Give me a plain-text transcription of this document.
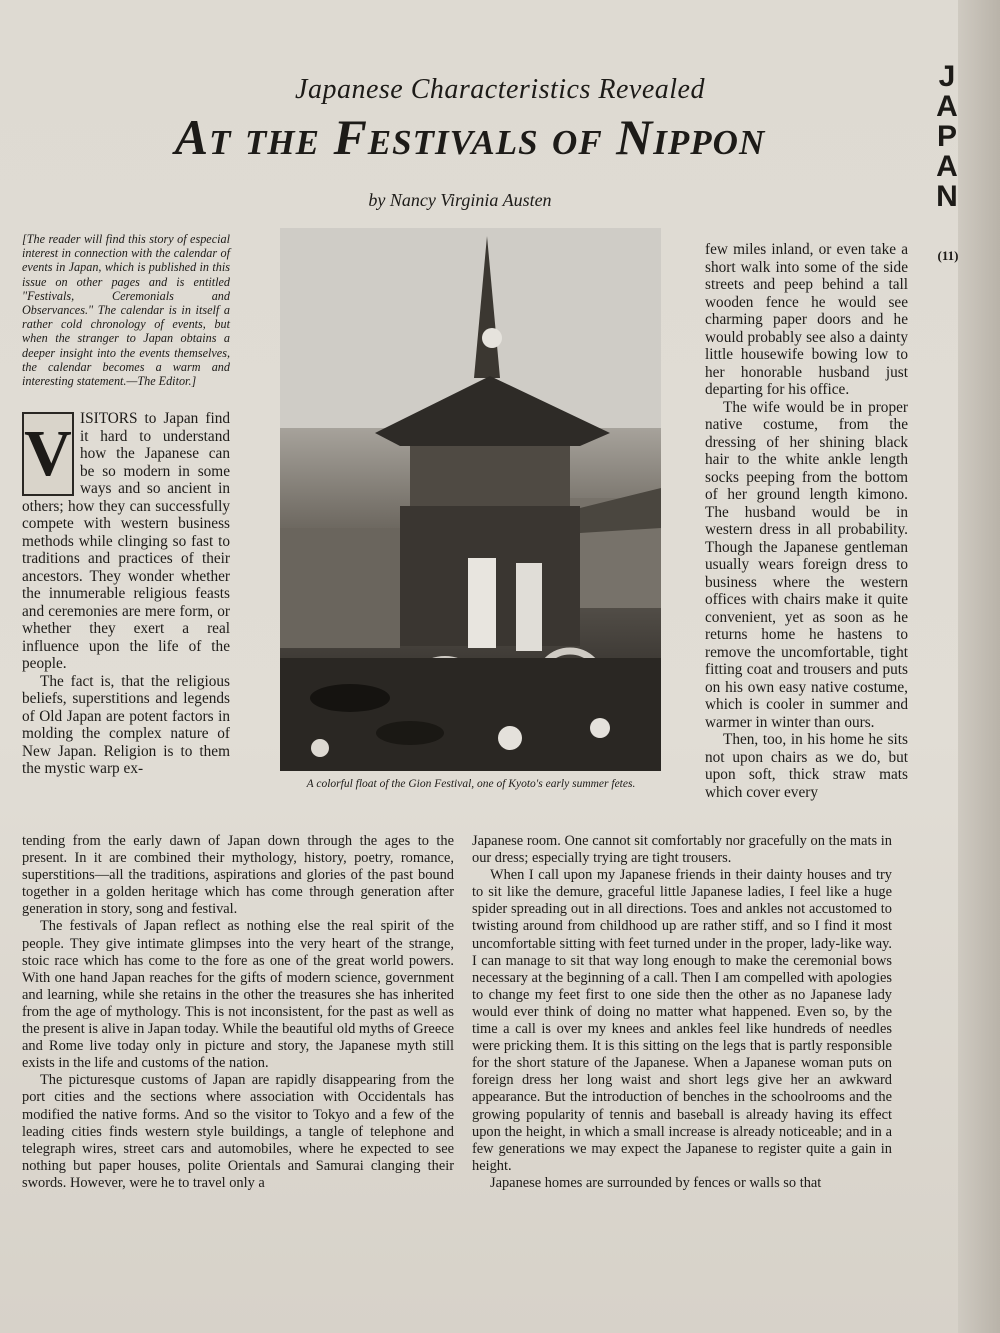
Japanese Characteristics Revealed
At the Festivals of Nippon
by Nancy Virginia Austen
J
A
P
A
N
(11)
[The reader will find this story of especial interest in connection with the calendar of events in Japan, which is published in this issue on other pages and is entitled "Festivals, Ceremonials and Observances." The calendar is in itself a rather cold chronology of events, but when the stranger to Japan obtains a deeper insight into the events themselves, the calendar becomes a warm and interesting statement.—The Editor.]
V ISITORS to Japan find it hard to understand how the Japanese can be so modern in some ways and so ancient in others; how they can successfully compete with western business methods while clinging so fast to traditions and practices of their ancestors. They wonder whether the innumerable religious feasts and ceremonies are mere form, or whether they exert a real influence upon the life of the people.

The fact is, that the religious beliefs, superstitions and legends of Old Japan are potent factors in molding the complex nature of New Japan. Religion is to them the mystic warp ex-

A colorful float of the Gion Festival, one of Kyoto's early summer fetes.

few miles inland, or even take a short walk into some of the side streets and peep behind a tall wooden fence he would see charming paper doors and he would probably see also a dainty little housewife bowing low to her honorable husband just departing for his office.

The wife would be in proper native costume, from the dressing of her shining black hair to the white ankle length socks peeping from the bottom of her ground length kimono. The husband would be in western dress in all probability. Though the Japanese gentleman usually wears foreign dress to business where the western offices with chairs make it quite convenient, yet as soon as he returns home he hastens to remove the uncomfortable, tight fitting coat and trousers and puts on his own easy native costume, which is cooler in summer and warmer in winter than ours.

Then, too, in his home he sits not upon chairs as we do, but upon soft, thick straw mats which cover every

tending from the early dawn of Japan down through the ages to the present. In it are combined their mythology, history, poetry, romance, superstitions—all the traditions, aspirations and glories of the past bound together in a golden heritage which has come through generation after generation in story, song and festival.

The festivals of Japan reflect as nothing else the real spirit of the people. They give intimate glimpses into the very heart of the strange, stoic race which has come to the fore as one of the great world powers. With one hand Japan reaches for the gifts of modern science, government and learning, while she retains in the other the treasures she has inherited from the age of mythology. This is not inconsistent, for the past as well as the present is alive in Japan today. While the beautiful old myths of Greece and Rome live today only in picture and story, the Japanese myth still exists in the life and customs of the nation.

The picturesque customs of Japan are rapidly disappearing from the port cities and the sections where association with Occidentals has modified the native forms. And so the visitor to Tokyo and a few of the leading cities finds western style buildings, a tangle of telephone and telegraph wires, street cars and automobiles, where he expected to see nothing but paper houses, polite Orientals and Samurai clanging their swords. However, were he to travel only a

Japanese room. One cannot sit comfortably nor gracefully on the mats in our dress; especially trying are tight trousers.

When I call upon my Japanese friends in their dainty houses and try to sit like the demure, graceful little Japanese ladies, I feel like a huge spider spreading out in all directions. Toes and ankles not accustomed to twisting around from childhood up are rather stiff, and so I find it most uncomfortable sitting with feet turned under in the proper, lady-like way. I can manage to sit that way long enough to make the ceremonial bows necessary at the beginning of a call. Then I am compelled with apologies to change my feet first to one side then the other as no Japanese lady would ever think of doing no matter what happened. Even so, by the time a call is over my knees and ankles feel like hundreds of needles were pricking them. It is this sitting on the legs that is partly responsible for the short stature of the Japanese. When a Japanese woman puts on foreign dress her long waist and short legs give her an awkward appearance. But the introduction of benches in the schoolrooms and the growing popularity of tennis and baseball is already having its effect upon the height, in which a small increase is already noticeable; and in a few generations we may expect the Japanese to register quite a gain in height.

Japanese homes are surrounded by fences or walls so that
